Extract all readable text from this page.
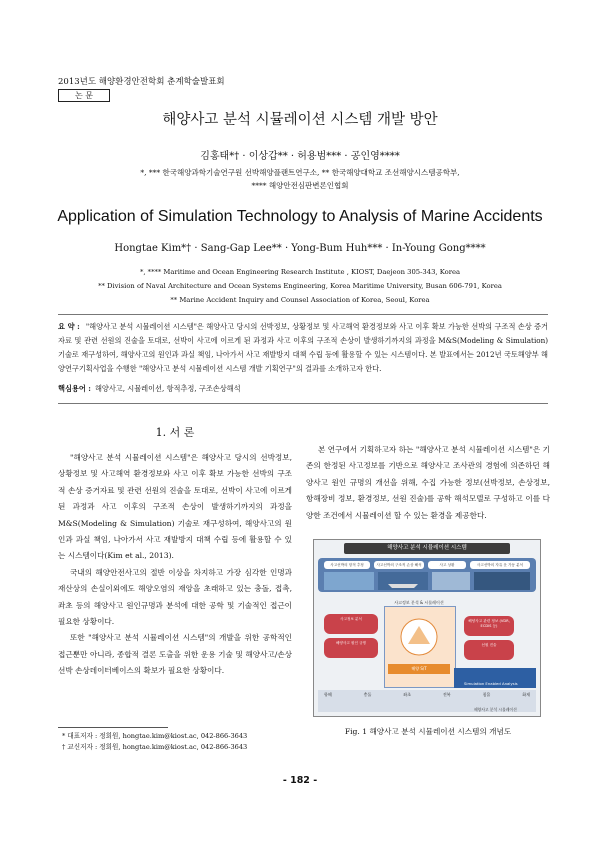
2013년도 해양환경안전학회 춘계학술발표회
논 문
해양사고 분석 시뮬레이션 시스템 개발 방안
김홍태*† · 이상갑** · 허용범*** · 공인영****
*, *** 한국해양과학기술연구원 선박해양플랜트연구소, ** 한국해양대학교 조선해양시스템공학부,
**** 해양안전심판변론인협회
Application of Simulation Technology to Analysis of Marine Accidents
Hongtae Kim*† · Sang-Gap Lee** · Yong-Bum Huh*** · In-Young Gong****
*, **** Maritime and Ocean Engineering Research Institute , KIOST, Daejeon 305-343, Korea
** Division of Naval Architecture and Ocean Systems Engineering, Korea Maritime University, Busan 606-791, Korea
** Marine Accident Inquiry and Counsel Association of Korea, Seoul, Korea
요 약 : "해양사고 분석 시뮬레이션 시스템"은 해양사고 당시의 선박정보, 상황정보 및 사고해역 환경정보와 사고 이후 확보 가능한 선박의 구조적 손상 증거자료 및 관련 선원의 진술을 토대로, 선박이 사고에 이르게 된 과정과 사고 이후의 구조적 손상이 발생하기까지의 과정을 M&S(Modeling & Simulation) 기술로 재구성하여, 해양사고의 원인과 과실 책임, 나아가서 사고 재발방지 대책 수립 등에 활용할 수 있는 시스템이다. 본 발표에서는 2012년 국토해양부 해양연구기획사업을 수행한 "해양사고 분석 시뮬레이션 시스템 개발 기획연구"의 결과를 소개하고자 한다.
핵심용어 : 해양사고, 시뮬레이션, 항적추정, 구조손상해석
1. 서 론

"해양사고 분석 시뮬레이션 시스템"은 해양사고 당시의 선박정보, 상황정보 및 사고해역 환경정보와 사고 이후 확보 가능한 선박의 구조적 손상 증거자료 및 관련 선원의 진술을 토대로, 선박이 사고에 이르게 된 과정과 사고 이후의 구조적 손상이 발생하기까지의 과정을 M&S(Modeling & Simulation) 기술로 재구성하여, 해양사고의 원인과 과실 책임, 나아가서 사고 재발방지 대책 수립 등에 활용할 수 있는 시스템이다(Kim et al., 2013).

국내의 해양안전사고의 절반 이상을 차지하고 가장 심각한 인명과 재산상의 손실이외에도 해양오염의 재앙을 초래하고 있는 충돌, 접촉, 좌초 등의 해양사고 원인규명과 분석에 대한 공학 및 기술적인 접근이 필요한 상황이다.

또한 "해양사고 분석 시뮬레이션 시스템"의 개발을 위한 공학적인 접근뿐만 아니라, 종합적 결론 도출을 위한 운용 기술 및 해양사고/손상선박 손상데이터베이스의 확보가 필요한 상황이다.

본 연구에서 기획하고자 하는 "해양사고 분석 시뮬레이션 시스템"은 기존의 한정된 사고정보를 기반으로 해양사고 조사관의 경험에 의존하던 해양사고 원인 규명의 개선을 위해, 수집 가능한 정보(선박정보, 손상정보, 항해장비 정보, 환경정보, 선원 진술)를 공학 해석모델로 구성하고 이를 다양한 조건에서 시뮬레이션 할 수 있는 환경을 제공한다.

해양사고 분석 시뮬레이션 시스템
사고선박의 항적 추정	사고선박의 구조적 손상 해석	사고 상황	사고선박의 자유 운 가동 분석
사고정보 분석
해양사고 원인 규명
사고정보 분석 & 시뮬레이션
해양사고 관련 정보 (VDR, ECDIS 등)
선원 진술
해양 S/T
항해	충돌	좌초	전복	침몰	화재
Simulation Enabled Analysis
해양사고 분석 시뮬레이션
Fig. 1 해양사고 분석 시뮬레이션 시스템의 개념도
* 대표저자 : 정회원, hongtae.kim@kiost.ac, 042-866-3643
† 교신저자 : 정회원, hongtae.kim@kiost.ac, 042-866-3643
- 182 -
